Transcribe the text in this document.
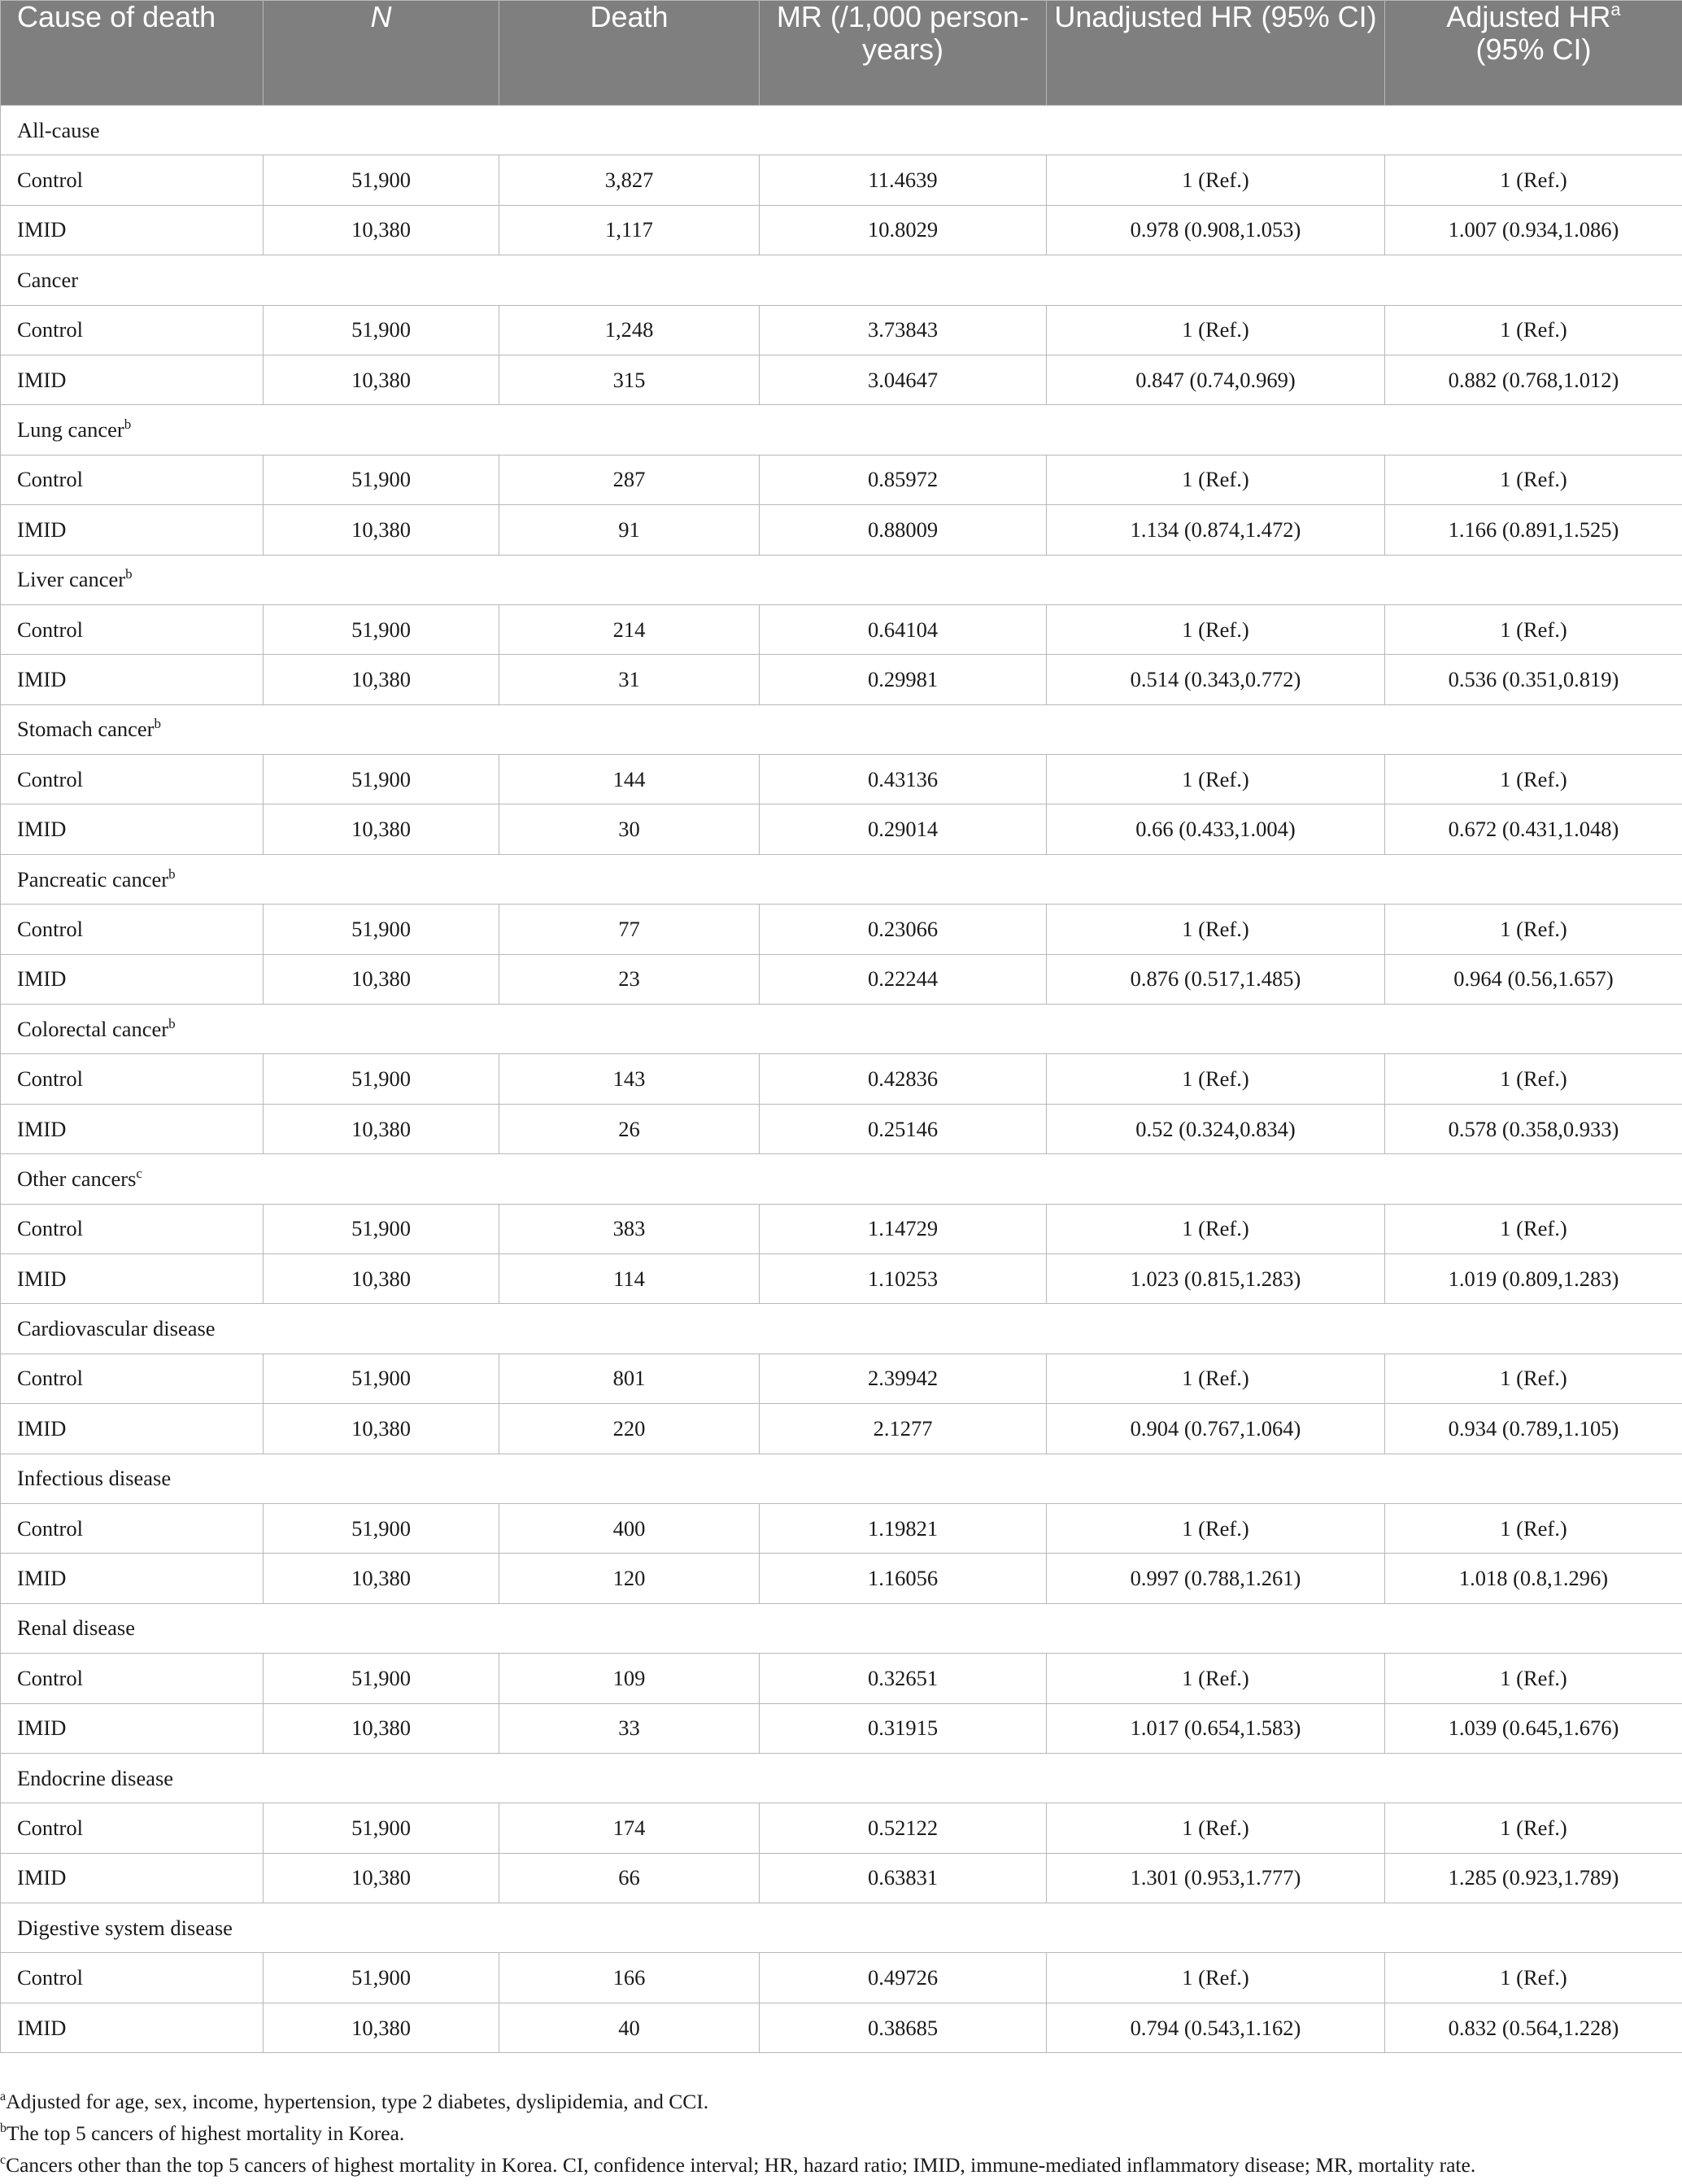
Cause of death	N	Death	MR (/1,000 person-years)	Unadjusted HR (95% CI)	Adjusted $HR^a$
(95% CI)
All-cause					
Control	51,900	3,827	11.4639	1 (Ref.)	1 (Ref.)
IMID	10,380	1,117	10.8029	0.978 (0.908,1.053)	1.007 (0.934,1.086)
Cancer					
Control	51,900	1,248	3.73843	1 (Ref.)	1 (Ref.)
IMID	10,380	315	3.04647	0.847 (0.74,0.969)	0.882 (0.768,1.012)
Lung cancer$^b$
Control	51,900	287	0.85972	1 (Ref.)	1 (Ref.)
IMID	10,380	91	0.88009	1.134 (0.874,1.472)	1.166 (0.891,1.525)
Liver cancer$^b$
Control	51,900	214	0.64104	1 (Ref.)	1 (Ref.)
IMID	10,380	31	0.29981	0.514 (0.343,0.772)	0.536 (0.351,0.819)
Stomach cancer$^b$
Control	51,900	144	0.43136	1 (Ref.)	1 (Ref.)
IMID	10,380	30	0.29014	0.66 (0.433,1.004)	0.672 (0.431,1.048)
Pancreatic cancer$^b$
Control	51,900	77	0.23066	1 (Ref.)	1 (Ref.)
IMID	10,380	23	0.22244	0.876 (0.517,1.485)	0.964 (0.56,1.657)
Colorectal cancer$^b$
Control	51,900	143	0.42836	1 (Ref.)	1 (Ref.)
IMID	10,380	26	0.25146	0.52 (0.324,0.834)	0.578 (0.358,0.933)
Other cancers$^c$
Control	51,900	383	1.14729	1 (Ref.)	1 (Ref.)
IMID	10,380	114	1.10253	1.023 (0.815,1.283)	1.019 (0.809,1.283)
Cardiovascular disease					
Control	51,900	801	2.39942	1 (Ref.)	1 (Ref.)
IMID	10,380	220	2.1277	0.904 (0.767,1.064)	0.934 (0.789,1.105)
Infectious disease					
Control	51,900	400	1.19821	1 (Ref.)	1 (Ref.)
IMID	10,380	120	1.16056	0.997 (0.788,1.261)	1.018 (0.8,1.296)
Renal disease					
Control	51,900	109	0.32651	1 (Ref.)	1 (Ref.)
IMID	10,380	33	0.31915	1.017 (0.654,1.583)	1.039 (0.645,1.676)
Endocrine disease					
Control	51,900	174	0.52122	1 (Ref.)	1 (Ref.)
IMID	10,380	66	0.63831	1.301 (0.953,1.777)	1.285 (0.923,1.789)
Digestive system disease					
Control	51,900	166	0.49726	1 (Ref.)	1 (Ref.)
IMID	10,380	40	0.38685	0.794 (0.543,1.162)	0.832 (0.564,1.228)
$^a$Adjusted for age, sex, income, hypertension, type 2 diabetes, dyslipidemia, and CCI.
$^b$The top 5 cancers of highest mortality in Korea.
$^c$Cancers other than the top 5 cancers of highest mortality in Korea. CI, confidence interval; HR, hazard ratio; IMID, immune-mediated inflammatory disease; MR, mortality rate.
